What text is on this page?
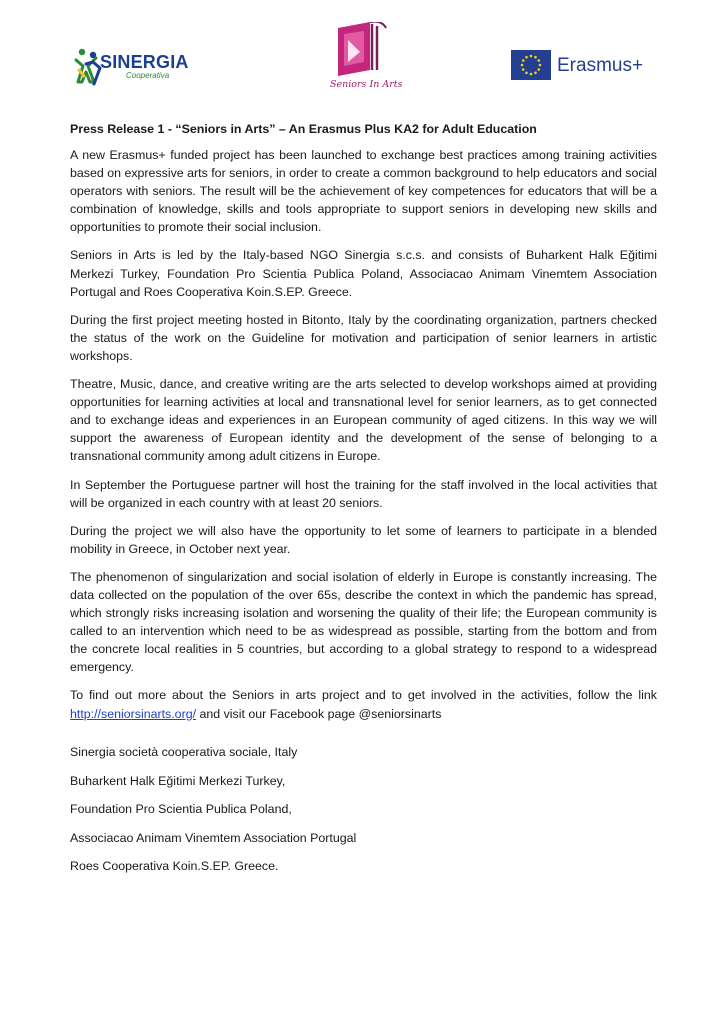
SINERGIA
Cooperativa
Seniors In Arts
Erasmus+
Press Release 1 - “Seniors in Arts” – An Erasmus Plus KA2 for Adult Education

A new Erasmus+ funded project has been launched to exchange best practices among training activities based on expressive arts for seniors, in order to create a common background to help educators and social operators with seniors. The result will be the achievement of key competences for educators that will be a combination of knowledge, skills and tools appropriate to support seniors in developing new skills and opportunities to promote their social inclusion.

Seniors in Arts is led by the Italy-based NGO Sinergia s.c.s. and consists of Buharkent Halk Eğitimi Merkezi Turkey, Foundation Pro Scientia Publica Poland, Associacao Animam Vinemtem Association Portugal and Roes Cooperativa Koin.S.EP. Greece.

During the first project meeting hosted in Bitonto, Italy by the coordinating organization, partners checked the status of the work on the Guideline for motivation and participation of senior learners in artistic workshops.

Theatre, Music, dance, and creative writing are the arts selected to develop workshops aimed at providing opportunities for learning activities at local and transnational level for senior learners, as to get connected and to exchange ideas and experiences in an European community of aged citizens. In this way we will support the awareness of European identity and the development of the sense of belonging to a transnational community among adult citizens in Europe.

In September the Portuguese partner will host the training for the staff involved in the local activities that will be organized in each country with at least 20 seniors.

During the project we will also have the opportunity to let some of learners to participate in a blended mobility in Greece, in October next year.

The phenomenon of singularization and social isolation of elderly in Europe is constantly increasing. The data collected on the population of the over 65s, describe the context in which the pandemic has spread, which strongly risks increasing isolation and worsening the quality of their life; the European community is called to an intervention which need to be as widespread as possible, starting from the bottom and from the concrete local realities in 5 countries, but according to a global strategy to respond to a widespread emergency.

To find out more about the Seniors in arts project and to get involved in the activities, follow the link http://seniorsinarts.org/ and visit our Facebook page @seniorsinarts

Sinergia società cooperativa sociale, Italy
Buharkent Halk Eğitimi Merkezi Turkey,
Foundation Pro Scientia Publica Poland,
Associacao Animam Vinemtem Association Portugal
Roes Cooperativa Koin.S.EP. Greece.
